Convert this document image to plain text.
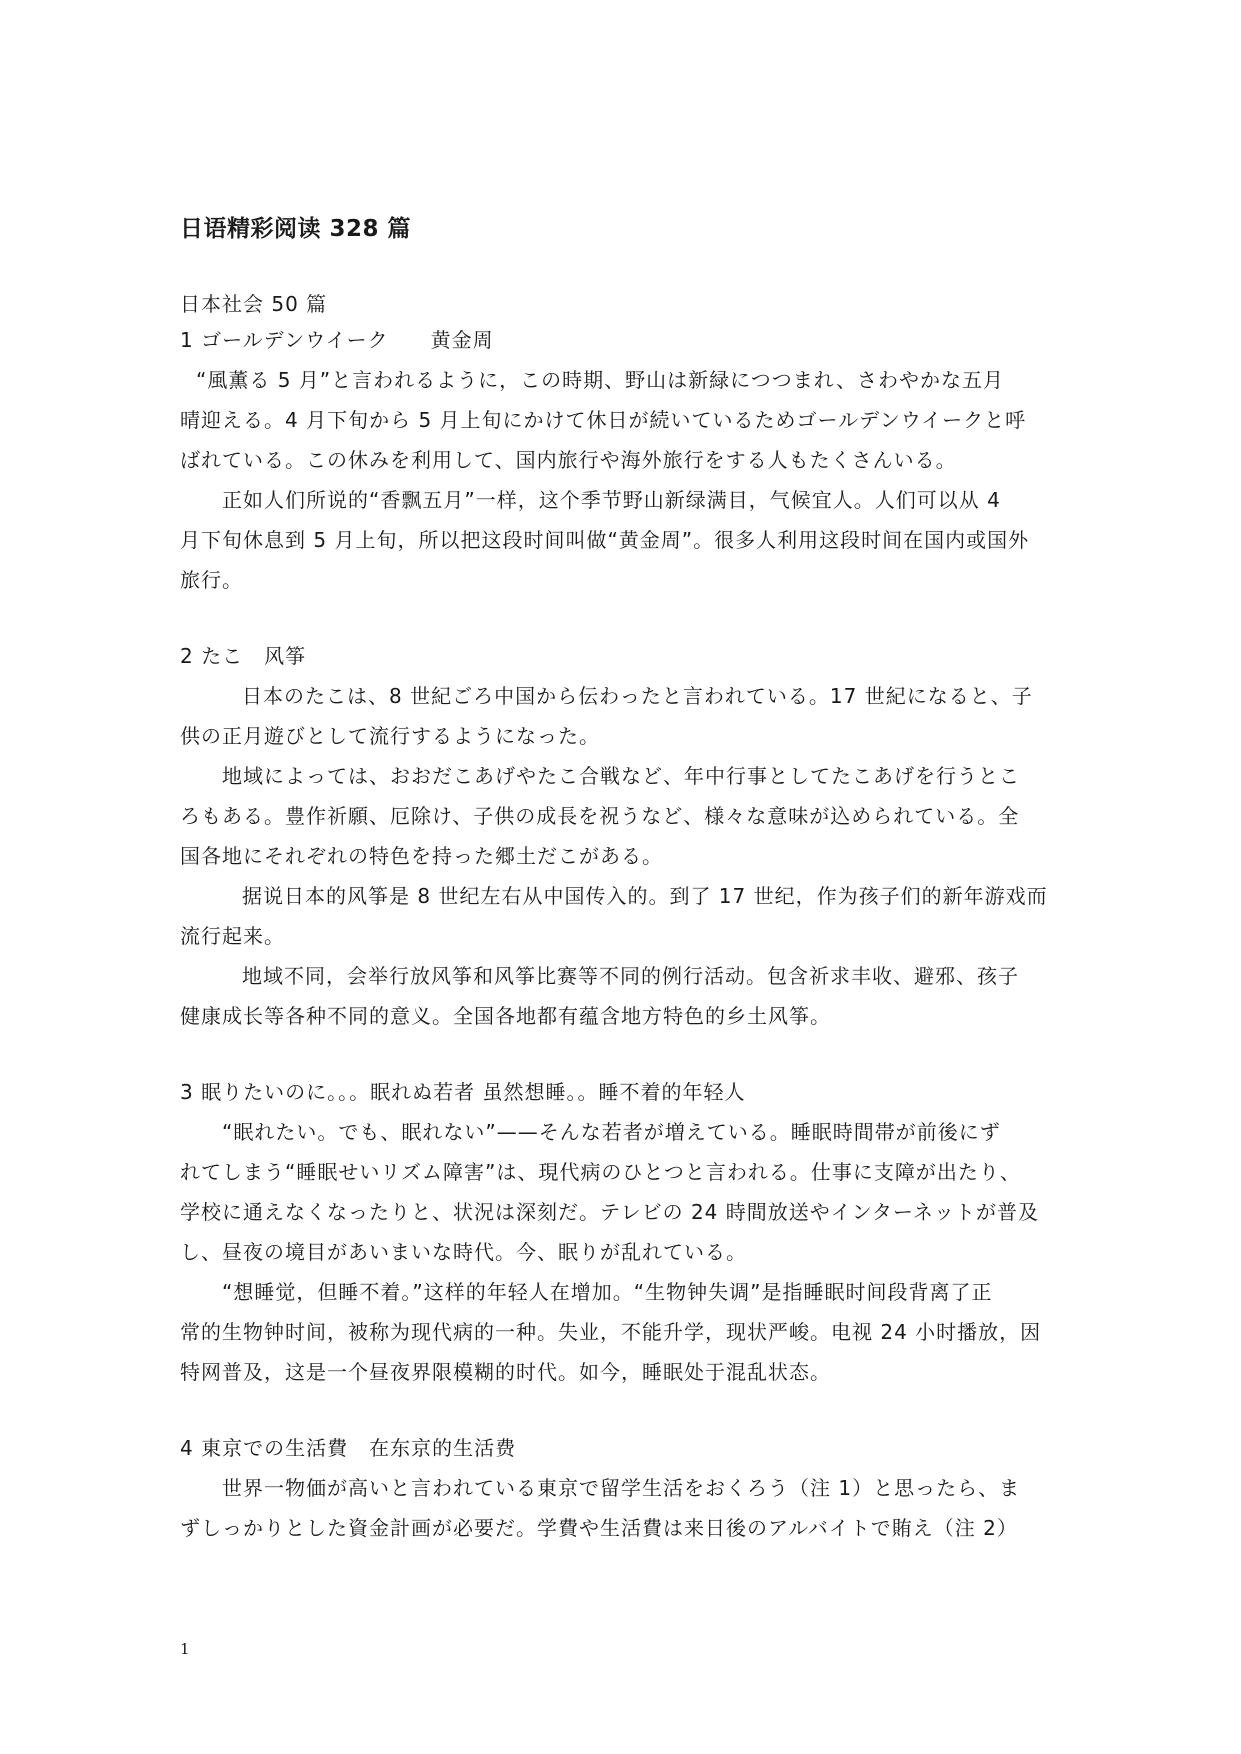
日语精彩阅读 328 篇
日本社会 50 篇
1 ゴールデンウイーク　　黄金周
“風薫る 5 月”と言われるように，この時期、野山は新緑につつまれ、さわやかな五月
晴迎える。4 月下旬から 5 月上旬にかけて休日が続いているためゴールデンウイークと呼
ばれている。この休みを利用して、国内旅行や海外旅行をする人もたくさんいる。
正如人们所说的“香飘五月”一样，这个季节野山新绿满目，气候宜人。人们可以从 4
月下旬休息到 5 月上旬，所以把这段时间叫做“黄金周”。很多人利用这段时间在国内或国外
旅行。
2 たこ　风筝
日本のたこは、8 世紀ごろ中国から伝わったと言われている。17 世紀になると、子
供の正月遊びとして流行するようになった。
地域によっては、おおだこあげやたこ合戦など、年中行事としてたこあげを行うとこ
ろもある。豊作祈願、厄除け、子供の成長を祝うなど、様々な意味が込められている。全
国各地にそれぞれの特色を持った郷土だこがある。
据说日本的风筝是 8 世纪左右从中国传入的。到了 17 世纪，作为孩子们的新年游戏而
流行起来。
地域不同，会举行放风筝和风筝比赛等不同的例行活动。包含祈求丰收、避邪、孩子
健康成长等各种不同的意义。全国各地都有蕴含地方特色的乡土风筝。
3 眠りたいのに。。。眠れぬ若者 虽然想睡。。睡不着的年轻人
“眠れたい。でも、眠れない”——そんな若者が増えている。睡眠時間帯が前後にず
れてしまう“睡眠せいリズム障害”は、現代病のひとつと言われる。仕事に支障が出たり、
学校に通えなくなったりと、状況は深刻だ。テレビの 24 時間放送やインターネットが普及
し、昼夜の境目があいまいな時代。今、眠りが乱れている。
“想睡觉，但睡不着。”这样的年轻人在增加。“生物钟失调”是指睡眠时间段背离了正
常的生物钟时间，被称为现代病的一种。失业，不能升学，现状严峻。电视 24 小时播放，因
特网普及，这是一个昼夜界限模糊的时代。如今，睡眠处于混乱状态。
4 東京での生活費　在东京的生活费
世界一物価が高いと言われている東京で留学生活をおくろう（注 1）と思ったら、ま
ずしっかりとした資金計画が必要だ。学費や生活費は来日後のアルバイトで賄え（注 2）
1
